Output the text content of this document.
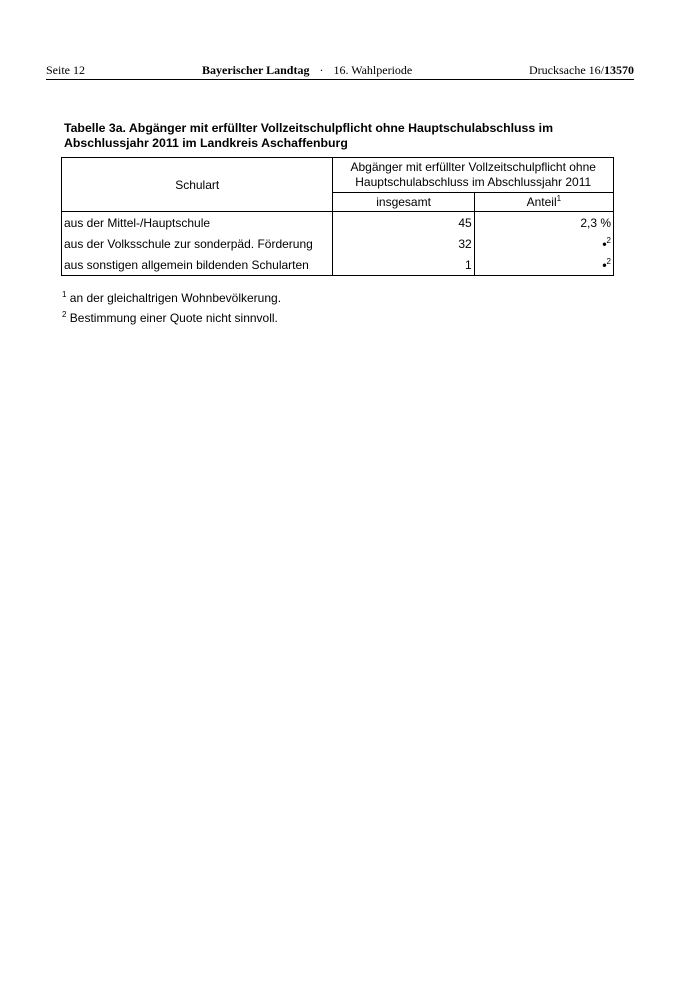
Seite 12	Bayerischer Landtag · 16. Wahlperiode	Drucksache 16/13570
Tabelle 3a. Abgänger mit erfüllter Vollzeitschulpflicht ohne Hauptschulabschluss im
Abschlussjahr 2011 im Landkreis Aschaffenburg
Schulart	Abgänger mit erfüllter Vollzeitschulpflicht ohne
Hauptschulabschluss im Abschlussjahr 2011	

	insgesamt	Anteil$^1$
aus der Mittel-/Hauptschule	45	2,3 %
aus der Volksschule zur sonderpäd. Förderung	32	•$^2$
aus sonstigen allgemein bildenden Schularten	1	•$^2$
$^1$ an der gleichaltrigen Wohnbevölkerung.
$^2$ Bestimmung einer Quote nicht sinnvoll.
